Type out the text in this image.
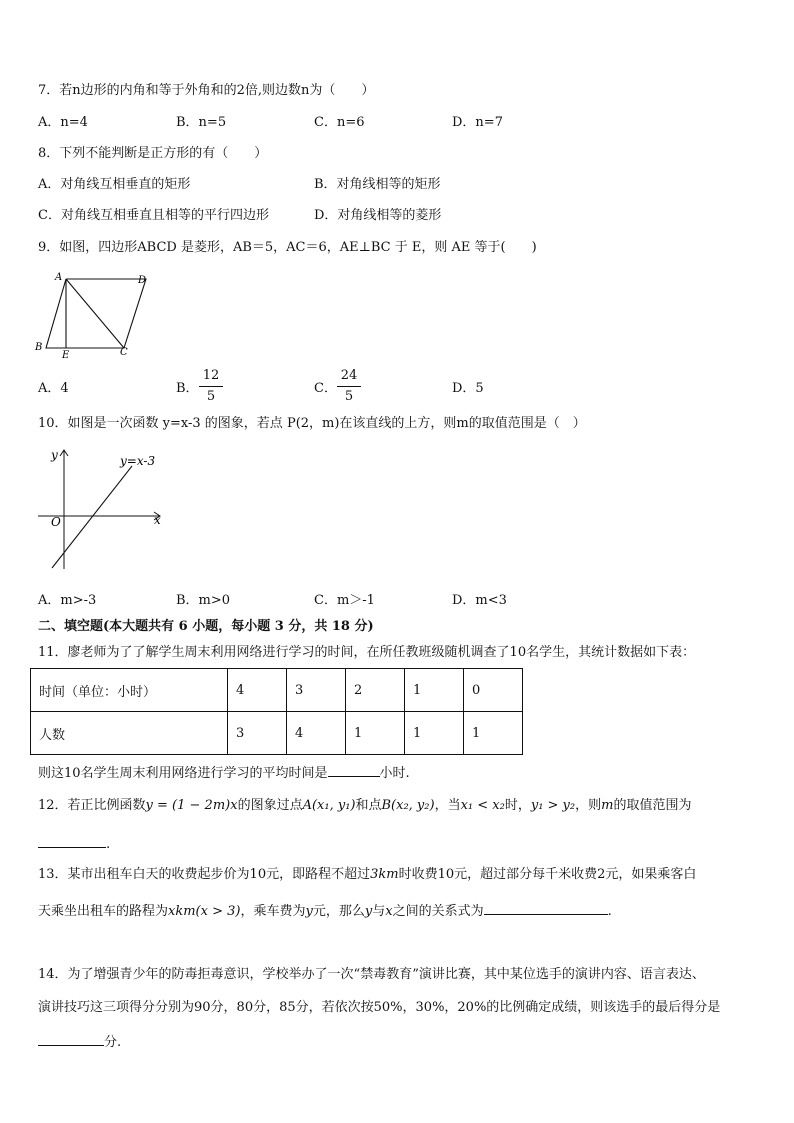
7．若n边形的内角和等于外角和的2倍,则边数n为（　　）
A．n=4	B．n=5	C．n=6	D．n=7
8．下列不能判断是正方形的有（　　）
A．对角线互相垂直的矩形	B．对角线相等的矩形
C．对角线互相垂直且相等的平行四边形	D．对角线相等的菱形
9．如图，四边形ABCD 是菱形，AB＝5，AC＝6，AE⊥BC 于 E，则 AE 等于(　　)
A	D
B
E	C
A．4	B．
12
5
C．
24
5
D．5
10．如图是一次函数 y=x-3 的图象，若点 P(2，m)在该直线的上方，则m的取值范围是（　）
y
x
O
y=x-3
A．m>-3	B．m>0	C．m＞-1	D．m<3
二、填空题(本大题共有 6 小题，每小题 3 分，共 18 分)
11．廖老师为了了解学生周末利用网络进行学习的时间，在所任教班级随机调查了10名学生，其统计数据如下表：
时间（单位：小时）	4	3	2	1	0
人数	3	4	1	1	1
则这10名学生周末利用网络进行学习的平均时间是	小时.
12．若正比例函数y = (1 − 2m)x的图象过点A(x₁, y₁)和点B(x₂, y₂)，当x₁ < x₂时，y₁ > y₂，则m的取值范围为
.
13．某市出租车白天的收费起步价为10元，即路程不超过3km时收费10元，超过部分每千米收费2元，如果乘客白
天乘坐出租车的路程为xkm(x > 3)，乘车费为y元，那么y与x之间的关系式为	.
14．为了增强青少年的防毒拒毒意识，学校举办了一次“禁毒教育”演讲比赛，其中某位选手的演讲内容、语言表达、
演讲技巧这三项得分分别为90分，80分，85分，若依次按50%，30%，20%的比例确定成绩，则该选手的最后得分是
分.
